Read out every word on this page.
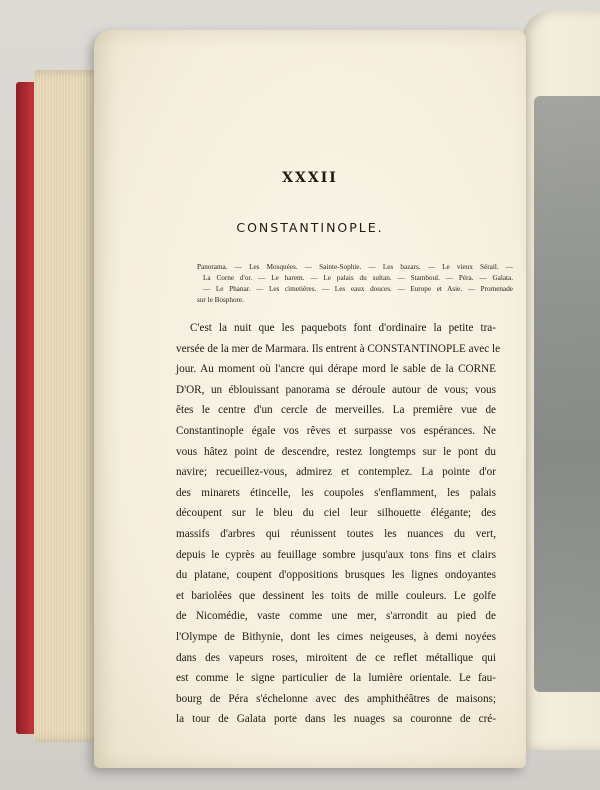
XXXII
CONSTANTINOPLE.
Panorama. — Les Mosquées. — Sainte-Sophie. — Les bazars. — Le vieux Sérail. —
La Corne d'or. — Le harem. — Le palais du sultan. — Stamboul. — Péra. — Galata.
— Le Phanar. — Les cimetières. — Les eaux douces. — Europe et Asie. — Promenade
sur le Bosphore.
C'est la nuit que les paquebots font d'ordinaire la petite tra-
versée de la mer de Marmara. Ils entrent à CONSTANTINOPLE avec le
jour. Au moment où l'ancre qui dérape mord le sable de la CORNE
D'OR, un éblouissant panorama se déroule autour de vous; vous
êtes le centre d'un cercle de merveilles. La première vue de
Constantinople égale vos rêves et surpasse vos espérances. Ne
vous hâtez point de descendre, restez longtemps sur le pont du
navire; recueillez-vous, admirez et contemplez. La pointe d'or
des minarets étincelle, les coupoles s'enflamment, les palais
découpent sur le bleu du ciel leur silhouette élégante; des
massifs d'arbres qui réunissent toutes les nuances du vert,
depuis le cyprès au feuillage sombre jusqu'aux tons fins et clairs
du platane, coupent d'oppositions brusques les lignes ondoyantes
et bariolées que dessinent les toits de mille couleurs. Le golfe
de Nicomédie, vaste comme une mer, s'arrondit au pied de
l'Olympe de Bithynie, dont les cimes neigeuses, à demi noyées
dans des vapeurs roses, miroitent de ce reflet métallique qui
est comme le signe particulier de la lumière orientale. Le fau-
bourg de Péra s'échelonne avec des amphithéâtres de maisons;
la tour de Galata porte dans les nuages sa couronne de cré-
